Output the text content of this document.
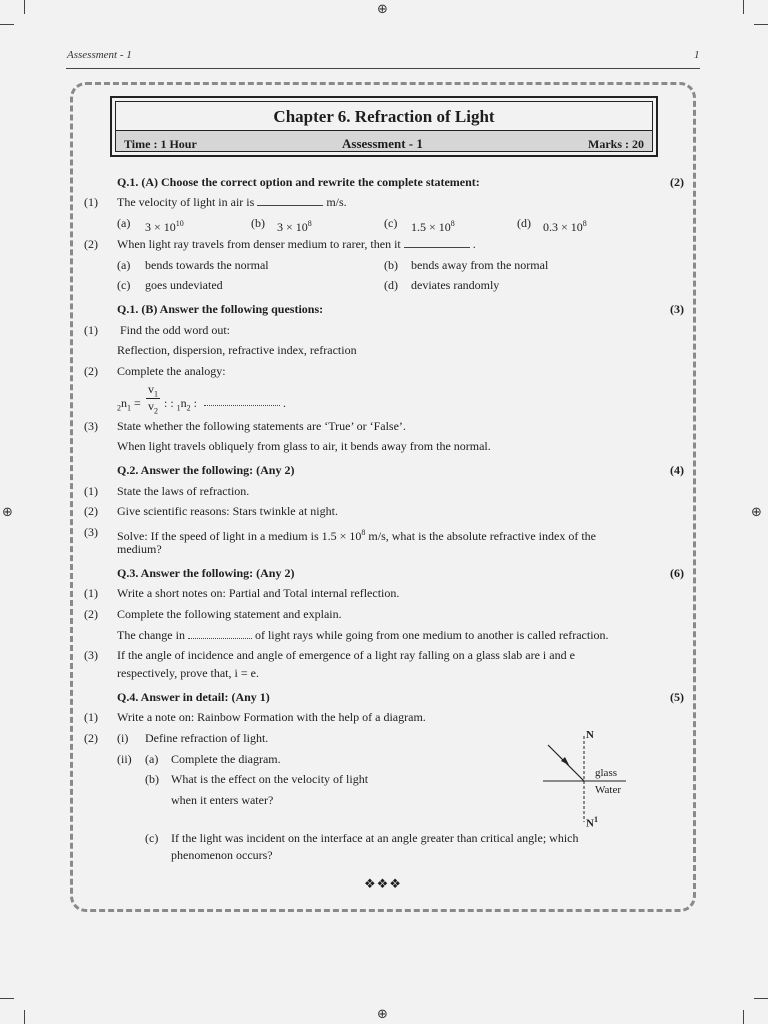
⊕
⊕
⊕	⊕
Assessment - 1	1
Chapter 6. Refraction of Light
Time : 1 Hour	Assessment - 1	Marks : 20
Q.1. (A) Choose the correct option and rewrite the complete statement:	(2)
(1) The velocity of light in air is	m/s.
(a) $3 \times 10^{10}$	(b) $3 \times 10^8$	(c) $1.5 \times 10^8$	(d) $0.3 \times 10^8$
(2) When light ray travels from denser medium to rarer, then it	.
(a) bends towards the normal	(b) bends away from the normal
(c) goes undeviated	(d) deviates randomly
Q.1. (B) Answer the following questions:	(3)
(1) Find the odd word out:
Reflection, dispersion, refractive index, refraction
(2) Complete the analogy:
$_2n_1$ =
$v_1$
$v_2$
: : $_1n_2$ :	.
(3) State whether the following statements are ‘True’ or ‘False’.
When light travels obliquely from glass to air, it bends away from the normal.
Q.2. Answer the following: (Any 2)	(4)
(1) State the laws of refraction.
(2) Give scientific reasons: Stars twinkle at night.
(3) Solve: If the speed of light in a medium is $1.5 \times 10^8$ m/s, what is the absolute refractive index of the
medium?
Q.3. Answer the following: (Any 2)	(6)
(1) Write a short notes on: Partial and Total internal reflection.
(2) Complete the following statement and explain.
The change in	of light rays while going from one medium to another is called refraction.
(3) If the angle of incidence and angle of emergence of a light ray falling on a glass slab are i and e
respectively, prove that, i = e.
Q.4. Answer in detail: (Any 1)	(5)
(1) Write a note on: Rainbow Formation with the help of a diagram.
(2) (i) Define refraction of light.
(ii) (a) Complete the diagram.
(b) What is the effect on the velocity of light
when it enters water?
(c) If the light was incident on the interface at an angle greater than critical angle; which
phenomenon occurs?
N
glass
Water
$N^1$
❖❖❖
